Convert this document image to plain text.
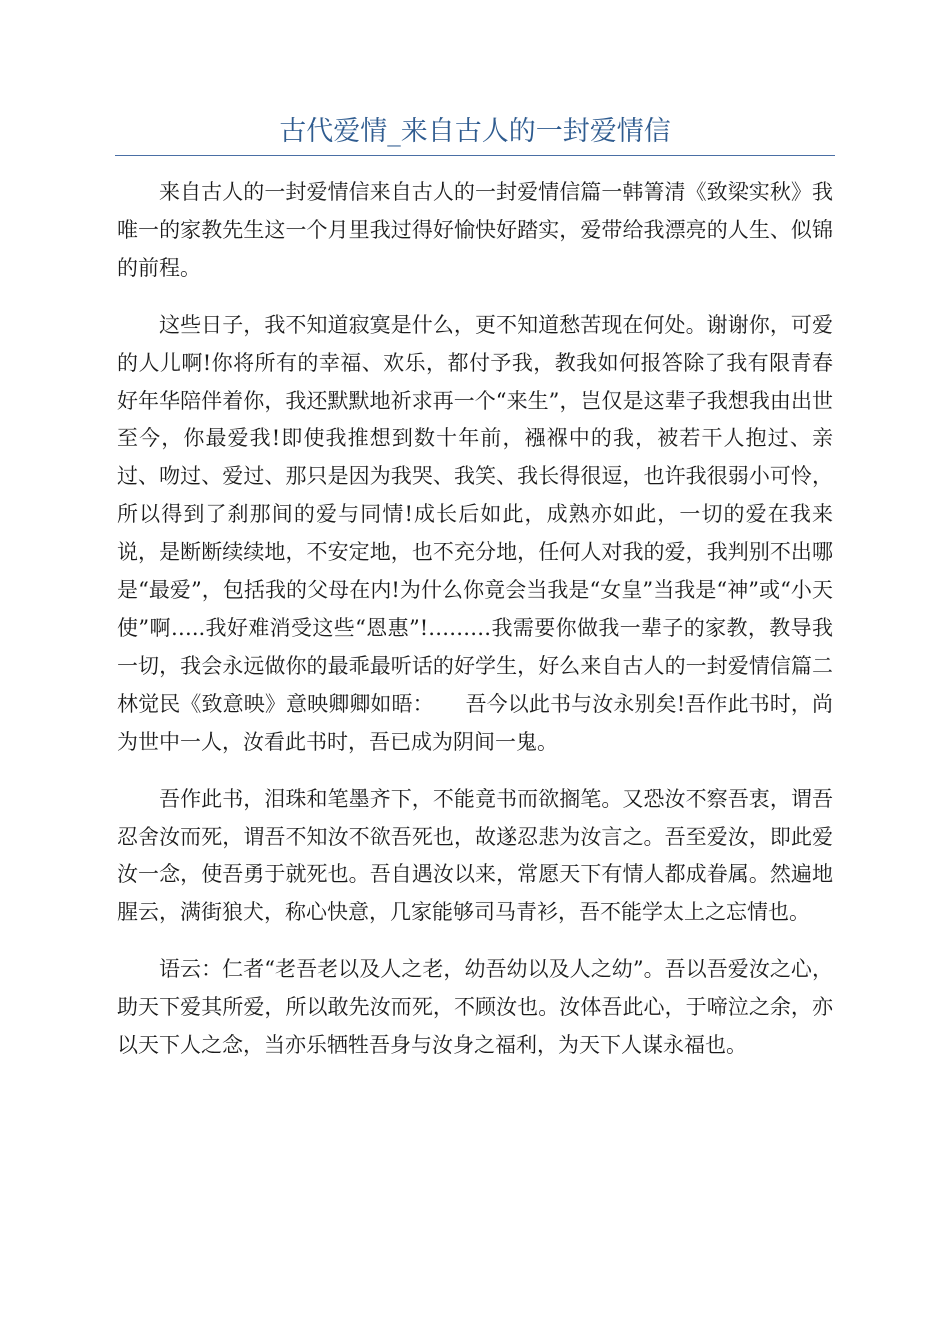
古代爱情_来自古人的一封爱情信

来自古人的一封爱情信来自古人的一封爱情信篇一韩箐清《致梁实秋》我唯一的家教先生这一个月里我过得好愉快好踏实，爱带给我漂亮的人生、似锦的前程。

这些日子，我不知道寂寞是什么，更不知道愁苦现在何处。谢谢你，可爱的人儿啊!你将所有的幸福、欢乐，都付予我，教我如何报答除了我有限青春好年华陪伴着你，我还默默地祈求再一个“来生”，岂仅是这辈子我想我由出世至今，你最爱我!即使我推想到数十年前，襁褓中的我，被若干人抱过、亲过、吻过、爱过、那只是因为我哭、我笑、我长得很逗，也许我很弱小可怜，所以得到了刹那间的爱与同情!成长后如此，成熟亦如此，一切的爱在我来说，是断断续续地，不安定地，也不充分地，任何人对我的爱，我判别不出哪是“最爱”，包括我的父母在内!为什么你竟会当我是“女皇”当我是“神”或“小天使”啊…..我好难消受这些“恩惠”!………我需要你做我一辈子的家教，教导我一切，我会永远做你的最乖最听话的好学生，好么来自古人的一封爱情信篇二林觉民《致意映》意映卿卿如晤：　　吾今以此书与汝永别矣!吾作此书时，尚为世中一人，汝看此书时，吾已成为阴间一鬼。

吾作此书，泪珠和笔墨齐下，不能竟书而欲搁笔。又恐汝不察吾衷，谓吾忍舍汝而死，谓吾不知汝不欲吾死也，故遂忍悲为汝言之。吾至爱汝，即此爱汝一念，使吾勇于就死也。吾自遇汝以来，常愿天下有情人都成眷属。然遍地腥云，满街狼犬，称心快意，几家能够司马青衫，吾不能学太上之忘情也。

语云：仁者“老吾老以及人之老，幼吾幼以及人之幼”。吾以吾爱汝之心，助天下爱其所爱，所以敢先汝而死，不顾汝也。汝体吾此心，于啼泣之余，亦以天下人之念，当亦乐牺牲吾身与汝身之福利，为天下人谋永福也。
